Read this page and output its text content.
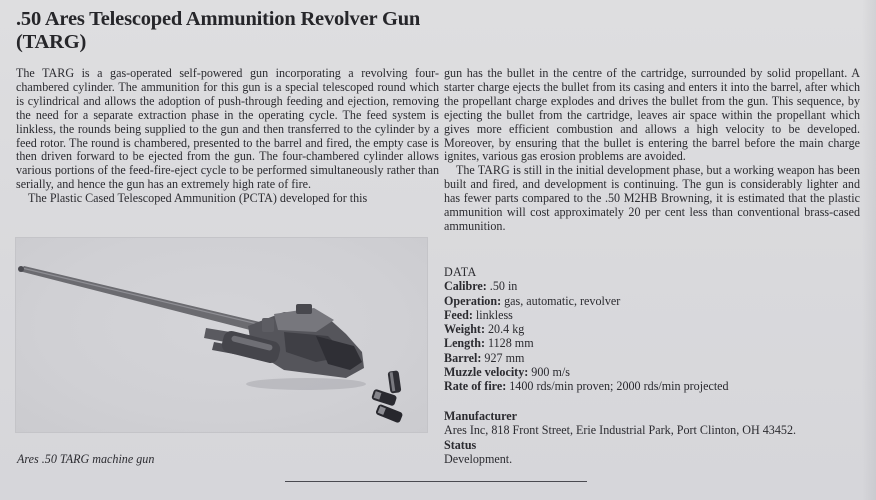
.50 Ares Telescoped Ammunition Revolver Gun (TARG)

The TARG is a gas-operated self-powered gun incorporating a revolving four-chambered cylinder. The ammunition for this gun is a special telescoped round which is cylindrical and allows the adoption of push-through feeding and ejection, removing the need for a separate extraction phase in the operating cycle. The feed system is linkless, the rounds being supplied to the gun and then transferred to the cylinder by a feed rotor. The round is chambered, presented to the barrel and fired, the empty case is then driven forward to be ejected from the gun. The four-chambered cylinder allows various portions of the feed-fire-eject cycle to be performed simultaneously rather than serially, and hence the gun has an extremely high rate of fire.

The Plastic Cased Telescoped Ammunition (PCTA) developed for this

gun has the bullet in the centre of the cartridge, surrounded by solid propellant. A starter charge ejects the bullet from its casing and enters it into the barrel, after which the propellant charge explodes and drives the bullet from the gun. This sequence, by ejecting the bullet from the cartridge, leaves air space within the propellant which gives more efficient combustion and allows a high velocity to be developed. Moreover, by ensuring that the bullet is entering the barrel before the main charge ignites, various gas erosion problems are avoided.

The TARG is still in the initial development phase, but a working weapon has been built and fired, and development is continuing. The gun is considerably lighter and has fewer parts compared to the .50 M2HB Browning, it is estimated that the plastic ammunition will cost approximately 20 per cent less than conventional brass-cased ammunition.

Ares .50 TARG machine gun
DATA
Calibre: .50 in
Operation: gas, automatic, revolver
Feed: linkless
Weight: 20.4 kg
Length: 1128 mm
Barrel: 927 mm
Muzzle velocity: 900 m/s
Rate of fire: 1400 rds/min proven; 2000 rds/min projected
Manufacturer
Ares Inc, 818 Front Street, Erie Industrial Park, Port Clinton, OH 43452.
Status
Development.
